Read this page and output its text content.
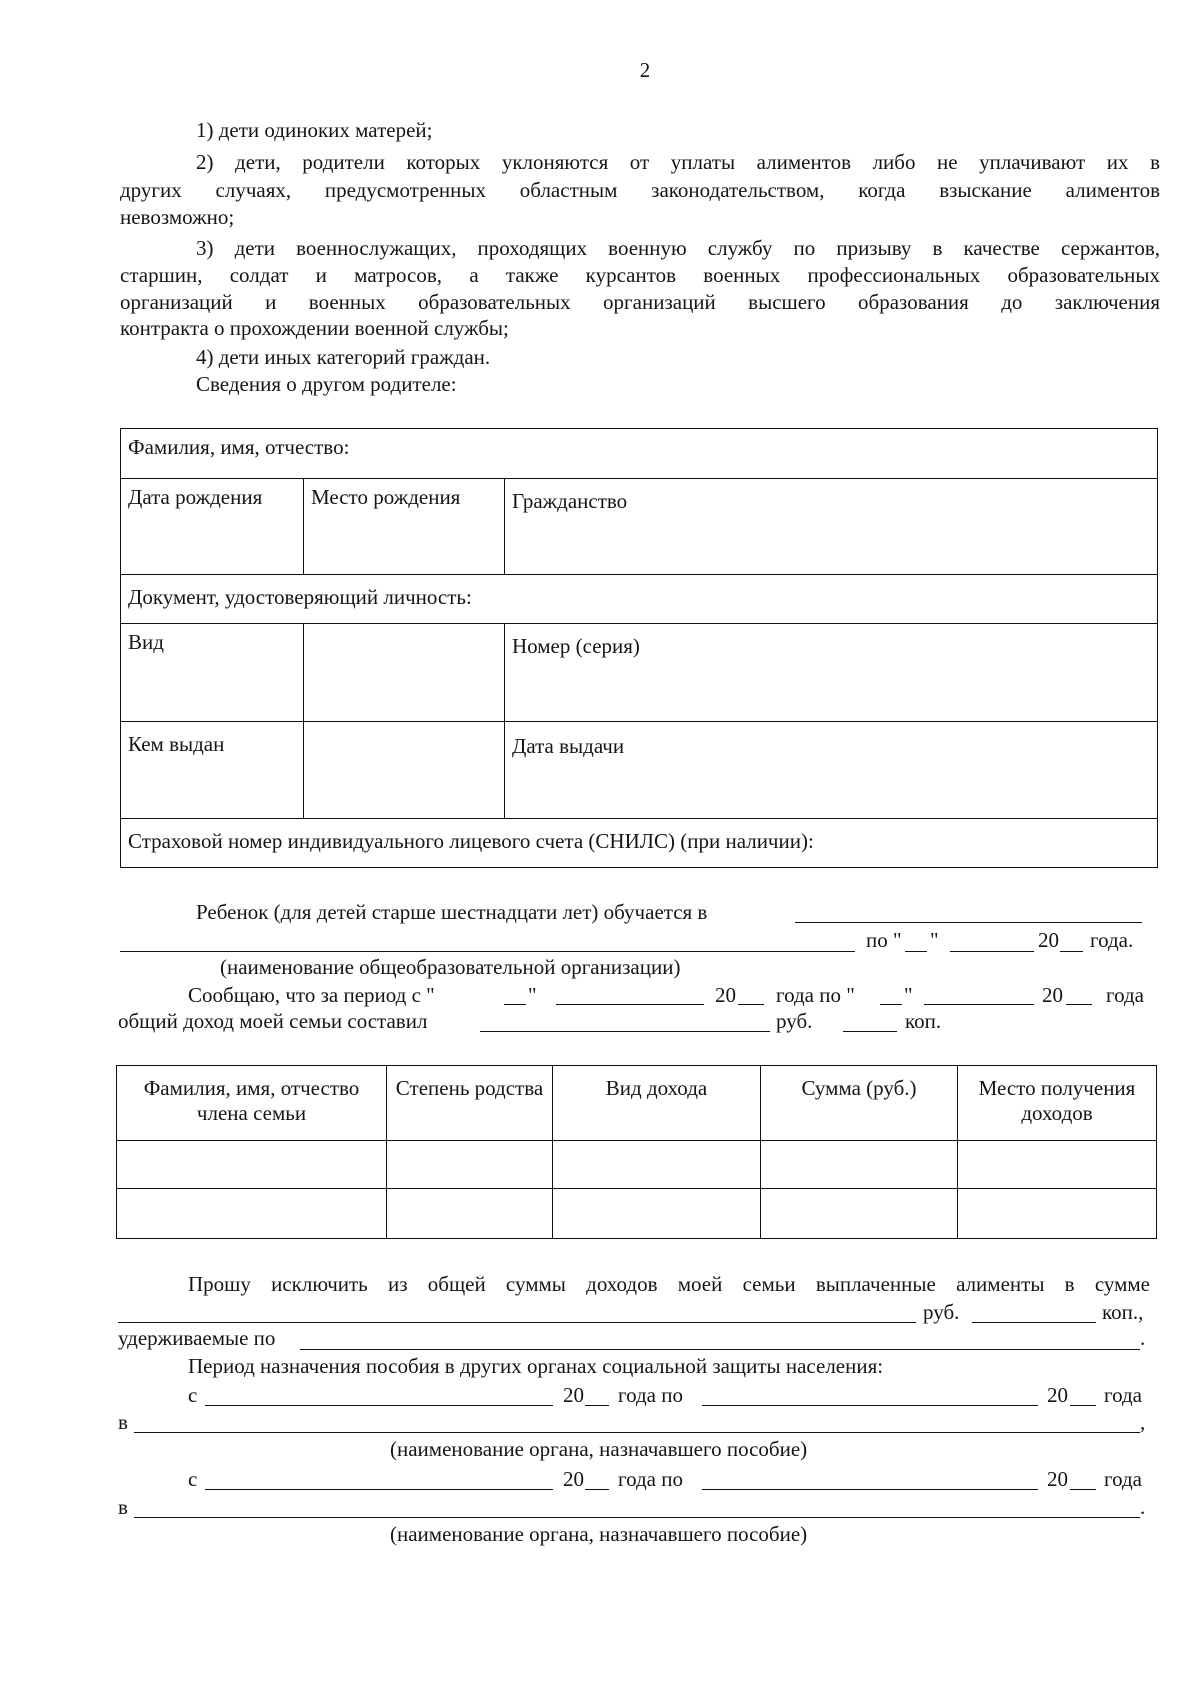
2
1) дети одиноких матерей;
2) дети, родители которых уклоняются от уплаты алиментов либо не уплачивают их в
других случаях, предусмотренных областным законодательством, когда взыскание алиментов
невозможно;
3) дети военнослужащих, проходящих военную службу по призыву в качестве сержантов,
старшин, солдат и матросов, а также курсантов военных профессиональных образовательных
организаций и военных образовательных организаций высшего образования до заключения
контракта о прохождении военной службы;
4) дети иных категорий граждан.
Сведения о другом родителе:
Фамилия, имя, отчество:		
Дата рождения	Место рождения	Гражданство
Документ, удостоверяющий личность:		
Вид		Номер (серия)
Кем выдан		Дата выдачи
Страховой номер индивидуального лицевого счета (СНИЛС) (при наличии):		
Ребенок (для детей старше шестнадцати лет) обучается в
по " "	20 года.
(наименование общеобразовательной организации)
Сообщаю, что за период с "	"	20 года по " "	20 года
общий доход моей семьи составил	руб.	коп.
Фамилия, имя, отчество члена семьи	Степень родства	Вид дохода	Сумма (руб.)	Место получения доходов

Прошу исключить из общей суммы доходов моей семьи выплаченные алименты в сумме
руб.	коп.,
удерживаемые по	.
Период назначения пособия в других органах социальной защиты населения:
с	20 года по	20 года
в	,
(наименование органа, назначавшего пособие)
с	20 года по	20 года
в	.
(наименование органа, назначавшего пособие)
